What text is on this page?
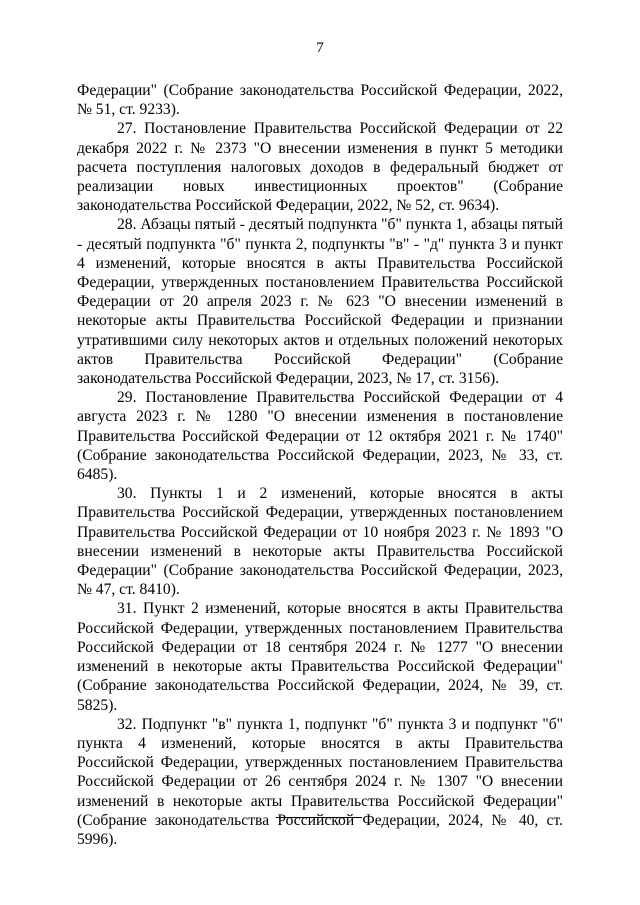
7

Федерации" (Собрание законодательства Российской Федерации, 2022, № 51, ст. 9233).

27. Постановление Правительства Российской Федерации от 22 декабря 2022 г. № 2373 "О внесении изменения в пункт 5 методики расчета поступления налоговых доходов в федеральный бюджет от реализации новых инвестиционных проектов" (Собрание законодательства Российской Федерации, 2022, № 52, ст. 9634).

28. Абзацы пятый - десятый подпункта "б" пункта 1, абзацы пятый - десятый подпункта "б" пункта 2, подпункты "в" - "д" пункта 3 и пункт 4 изменений, которые вносятся в акты Правительства Российской Федерации, утвержденных постановлением Правительства Российской Федерации от 20 апреля 2023 г. № 623 "О внесении изменений в некоторые акты Правительства Российской Федерации и признании утратившими силу некоторых актов и отдельных положений некоторых актов Правительства Российской Федерации" (Собрание законодательства Российской Федерации, 2023, № 17, ст. 3156).

29. Постановление Правительства Российской Федерации от 4 августа 2023 г. № 1280 "О внесении изменения в постановление Правительства Российской Федерации от 12 октября 2021 г. № 1740" (Собрание законодательства Российской Федерации, 2023, № 33, ст. 6485).

30. Пункты 1 и 2 изменений, которые вносятся в акты Правительства Российской Федерации, утвержденных постановлением Правительства Российской Федерации от 10 ноября 2023 г. № 1893 "О внесении изменений в некоторые акты Правительства Российской Федерации" (Собрание законодательства Российской Федерации, 2023, № 47, ст. 8410).

31. Пункт 2 изменений, которые вносятся в акты Правительства Российской Федерации, утвержденных постановлением Правительства Российской Федерации от 18 сентября 2024 г. № 1277 "О внесении изменений в некоторые акты Правительства Российской Федерации" (Собрание законодательства Российской Федерации, 2024, № 39, ст. 5825).

32. Подпункт "в" пункта 1, подпункт "б" пункта 3 и подпункт "б" пункта 4 изменений, которые вносятся в акты Правительства Российской Федерации, утвержденных постановлением Правительства Российской Федерации от 26 сентября 2024 г. № 1307 "О внесении изменений в некоторые акты Правительства Российской Федерации" (Собрание законодательства Российской Федерации, 2024, № 40, ст. 5996).
